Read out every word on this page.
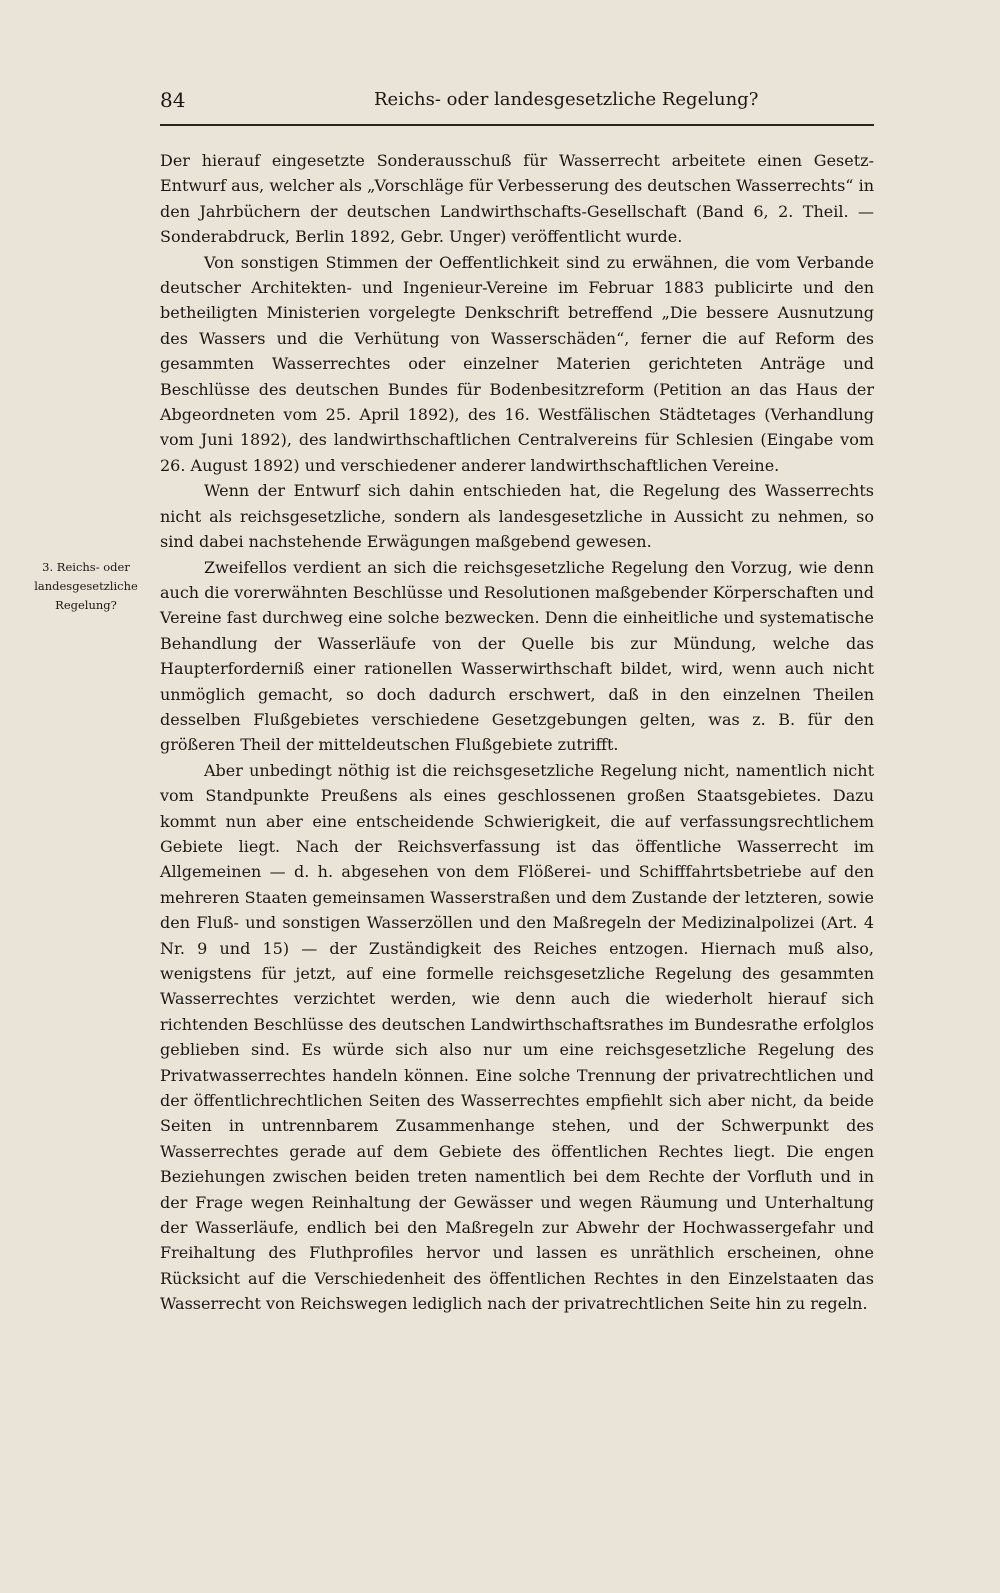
84	Reichs- oder landesgesetzliche Regelung?
3. Reichs- oder landesgesetzliche Regelung?

Der hierauf eingesetzte Sonderausschuß für Wasserrecht arbeitete einen Gesetz-Entwurf aus, welcher als „Vorschläge für Verbesserung des deutschen Wasserrechts“ in den Jahrbüchern der deutschen Landwirthschafts-Gesellschaft (Band 6, 2. Theil. — Sonderabdruck, Berlin 1892, Gebr. Unger) veröffentlicht wurde.

Von sonstigen Stimmen der Oeffentlichkeit sind zu erwähnen, die vom Verbande deutscher Architekten- und Ingenieur-Vereine im Februar 1883 publicirte und den betheiligten Ministerien vorgelegte Denkschrift betreffend „Die bessere Ausnutzung des Wassers und die Verhütung von Wasserschäden“, ferner die auf Reform des gesammten Wasserrechtes oder einzelner Materien gerichteten Anträge und Beschlüsse des deutschen Bundes für Bodenbesitzreform (Petition an das Haus der Abgeordneten vom 25. April 1892), des 16. Westfälischen Städtetages (Verhandlung vom Juni 1892), des landwirthschaftlichen Centralvereins für Schlesien (Eingabe vom 26. August 1892) und verschiedener anderer landwirthschaftlichen Vereine.

Wenn der Entwurf sich dahin entschieden hat, die Regelung des Wasserrechts nicht als reichsgesetzliche, sondern als landesgesetzliche in Aussicht zu nehmen, so sind dabei nachstehende Erwägungen maßgebend gewesen.

Zweifellos verdient an sich die reichsgesetzliche Regelung den Vorzug, wie denn auch die vorerwähnten Beschlüsse und Resolutionen maßgebender Körperschaften und Vereine fast durchweg eine solche bezwecken. Denn die einheitliche und systematische Behandlung der Wasserläufe von der Quelle bis zur Mündung, welche das Haupterforderniß einer rationellen Wasserwirthschaft bildet, wird, wenn auch nicht unmöglich gemacht, so doch dadurch erschwert, daß in den einzelnen Theilen desselben Flußgebietes verschiedene Gesetzgebungen gelten, was z. B. für den größeren Theil der mitteldeutschen Flußgebiete zutrifft.

Aber unbedingt nöthig ist die reichsgesetzliche Regelung nicht, namentlich nicht vom Standpunkte Preußens als eines geschlossenen großen Staatsgebietes. Dazu kommt nun aber eine entscheidende Schwierigkeit, die auf verfassungsrechtlichem Gebiete liegt. Nach der Reichsverfassung ist das öffentliche Wasserrecht im Allgemeinen — d. h. abgesehen von dem Flößerei- und Schifffahrtsbetriebe auf den mehreren Staaten gemeinsamen Wasserstraßen und dem Zustande der letzteren, sowie den Fluß- und sonstigen Wasserzöllen und den Maßregeln der Medizinalpolizei (Art. 4 Nr. 9 und 15) — der Zuständigkeit des Reiches entzogen. Hiernach muß also, wenigstens für jetzt, auf eine formelle reichsgesetzliche Regelung des gesammten Wasserrechtes verzichtet werden, wie denn auch die wiederholt hierauf sich richtenden Beschlüsse des deutschen Landwirthschaftsrathes im Bundesrathe erfolglos geblieben sind. Es würde sich also nur um eine reichsgesetzliche Regelung des Privatwasserrechtes handeln können. Eine solche Trennung der privatrechtlichen und der öffentlichrechtlichen Seiten des Wasserrechtes empfiehlt sich aber nicht, da beide Seiten in untrennbarem Zusammenhange stehen, und der Schwerpunkt des Wasserrechtes gerade auf dem Gebiete des öffentlichen Rechtes liegt. Die engen Beziehungen zwischen beiden treten namentlich bei dem Rechte der Vorfluth und in der Frage wegen Reinhaltung der Gewässer und wegen Räumung und Unterhaltung der Wasserläufe, endlich bei den Maßregeln zur Abwehr der Hochwassergefahr und Freihaltung des Fluthprofiles hervor und lassen es unräthlich erscheinen, ohne Rücksicht auf die Verschiedenheit des öffentlichen Rechtes in den Einzelstaaten das Wasserrecht von Reichswegen lediglich nach der privatrechtlichen Seite hin zu regeln.
